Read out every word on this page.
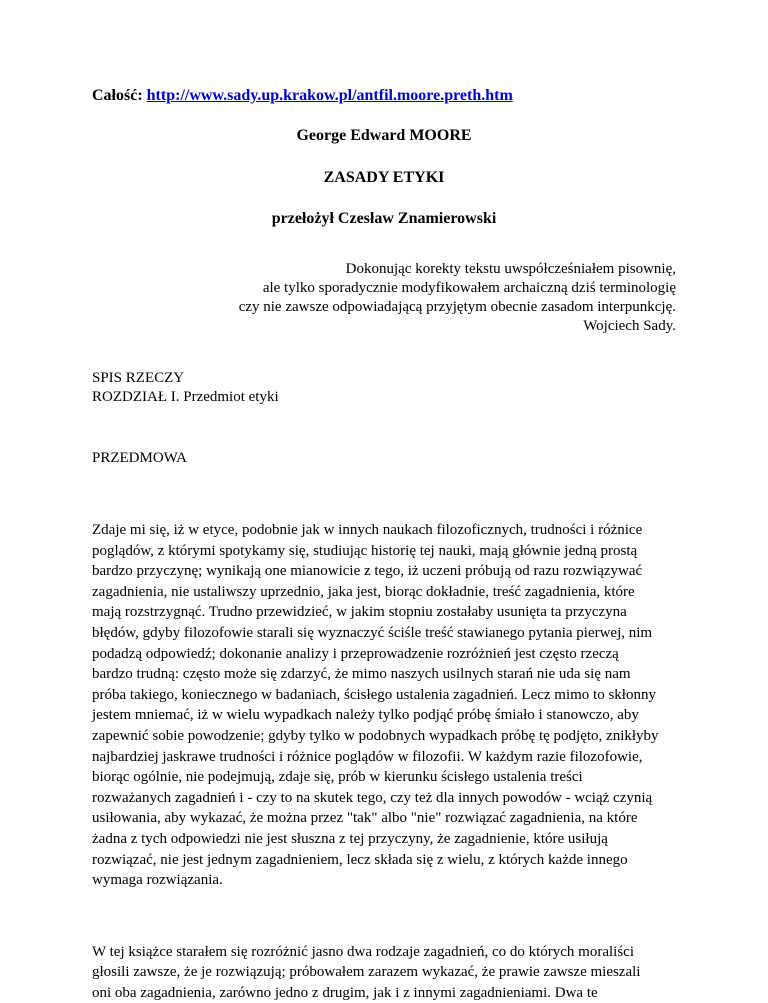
Całość: http://www.sady.up.krakow.pl/antfil.moore.preth.htm

George Edward MOORE

ZASADY ETYKI

przełożył Czesław Znamierowski

Dokonując korekty tekstu uwspółcześniałem pisownię,
ale tylko sporadycznie modyfikowałem archaiczną dziś terminologię
czy nie zawsze odpowiadającą przyjętym obecnie zasadom interpunkcję.
Wojciech Sady.
SPIS RZECZY
ROZDZIAŁ I. Przedmiot etyki
PRZEDMOWA
Zdaje mi się, iż w etyce, podobnie jak w innych naukach filozoficznych, trudności i różnice
poglądów, z którymi spotykamy się, studiując historię tej nauki, mają głównie jedną prostą
bardzo przyczynę; wynikają one mianowicie z tego, iż uczeni próbują od razu rozwiązywać
zagadnienia, nie ustaliwszy uprzednio, jaka jest, biorąc dokładnie, treść zagadnienia, które
mają rozstrzygnąć. Trudno przewidzieć, w jakim stopniu zostałaby usunięta ta przyczyna
błędów, gdyby filozofowie starali się wyznaczyć ściśle treść stawianego pytania pierwej, nim
podadzą odpowiedź; dokonanie analizy i przeprowadzenie rozróżnień jest często rzeczą
bardzo trudną: często może się zdarzyć, że mimo naszych usilnych starań nie uda się nam
próba takiego, koniecznego w badaniach, ścisłego ustalenia zagadnień. Lecz mimo to skłonny
jestem mniemać, iż w wielu wypadkach należy tylko podjąć próbę śmiało i stanowczo, aby
zapewnić sobie powodzenie; gdyby tylko w podobnych wypadkach próbę tę podjęto, znikłyby
najbardziej jaskrawe trudności i różnice poglądów w filozofii. W każdym razie filozofowie,
biorąc ogólnie, nie podejmują, zdaje się, prób w kierunku ścisłego ustalenia treści
rozważanych zagadnień i - czy to na skutek tego, czy też dla innych powodów - wciąż czynią
usiłowania, aby wykazać, że można przez "tak" albo "nie" rozwiązać zagadnienia, na które
żadna z tych odpowiedzi nie jest słuszna z tej przyczyny, że zagadnienie, które usiłują
rozwiązać, nie jest jednym zagadnieniem, lecz składa się z wielu, z których każde innego
wymaga rozwiązania.
W tej książce starałem się rozróżnić jasno dwa rodzaje zagadnień, co do których moraliści
głosili zawsze, że je rozwiązują; próbowałem zarazem wykazać, że prawie zawsze mieszali
oni oba zagadnienia, zarówno jedno z drugim, jak i z innymi zagadnieniami. Dwa te
